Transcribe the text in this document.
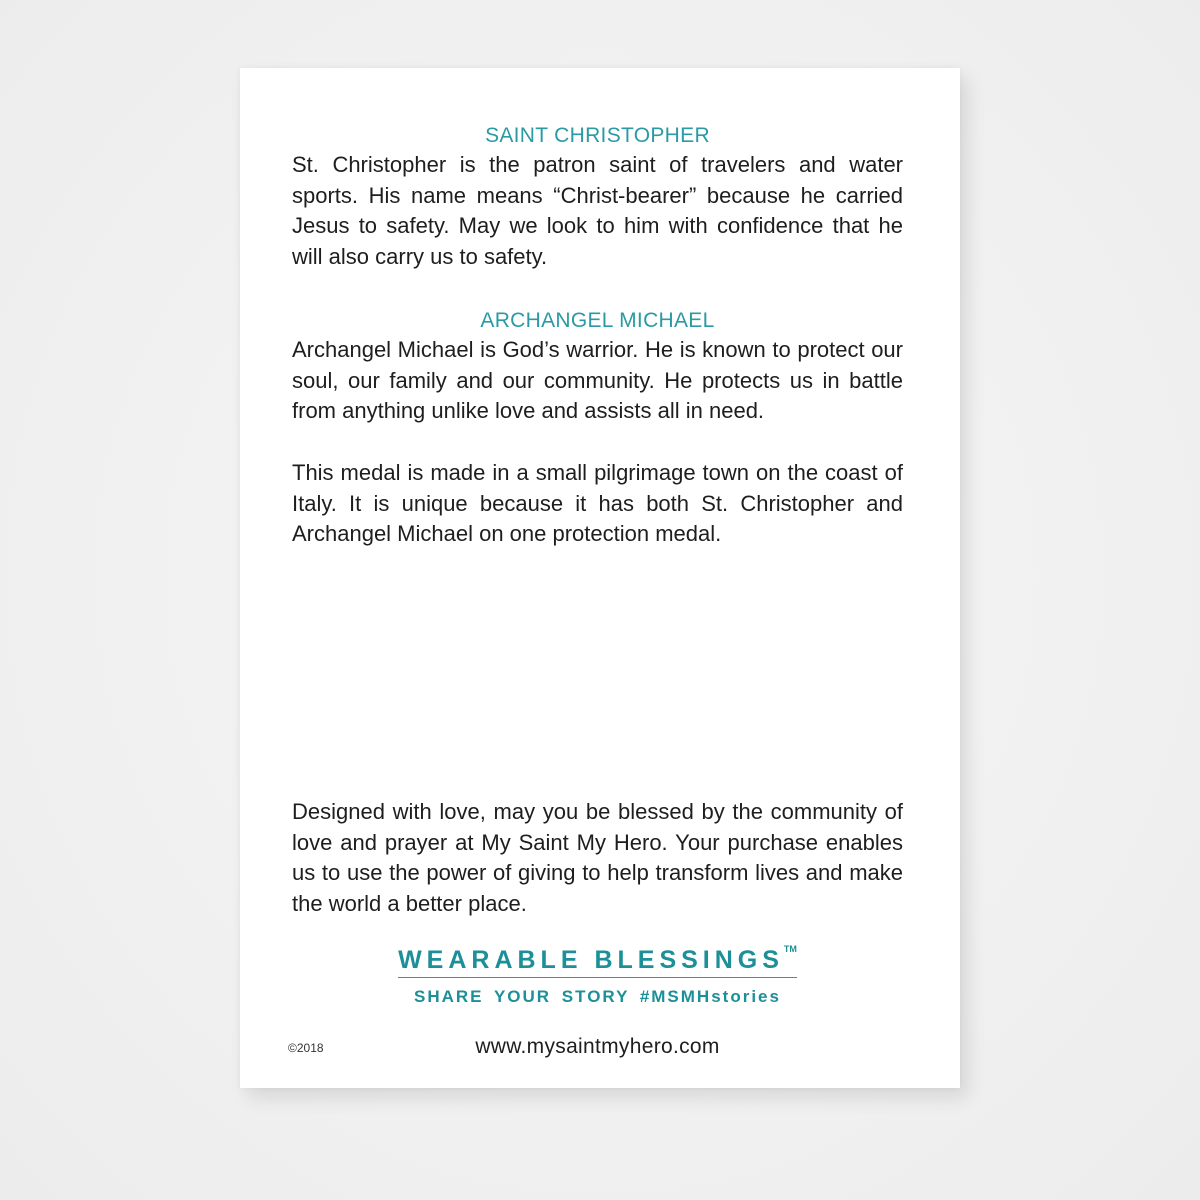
SAINT CHRISTOPHER
St. Christopher is the patron saint of travelers and water sports. His name means “Christ-bearer” because he carried Jesus to safety. May we look to him with confidence that he will also carry us to safety.
ARCHANGEL MICHAEL
Archangel Michael is God’s warrior. He is known to protect our soul, our family and our community. He protects us in battle from anything unlike love and assists all in need.
This medal is made in a small pilgrimage town on the coast of Italy. It is unique because it has both St. Christopher and Archangel Michael on one protection medal.
Designed with love, may you be blessed by the community of love and prayer at My Saint My Hero. Your purchase enables us to use the power of giving to help transform lives and make the world a better place.
WEARABLE BLESSINGS™
SHARE YOUR STORY #MSMHstories
©2018	www.mysaintmyhero.com
